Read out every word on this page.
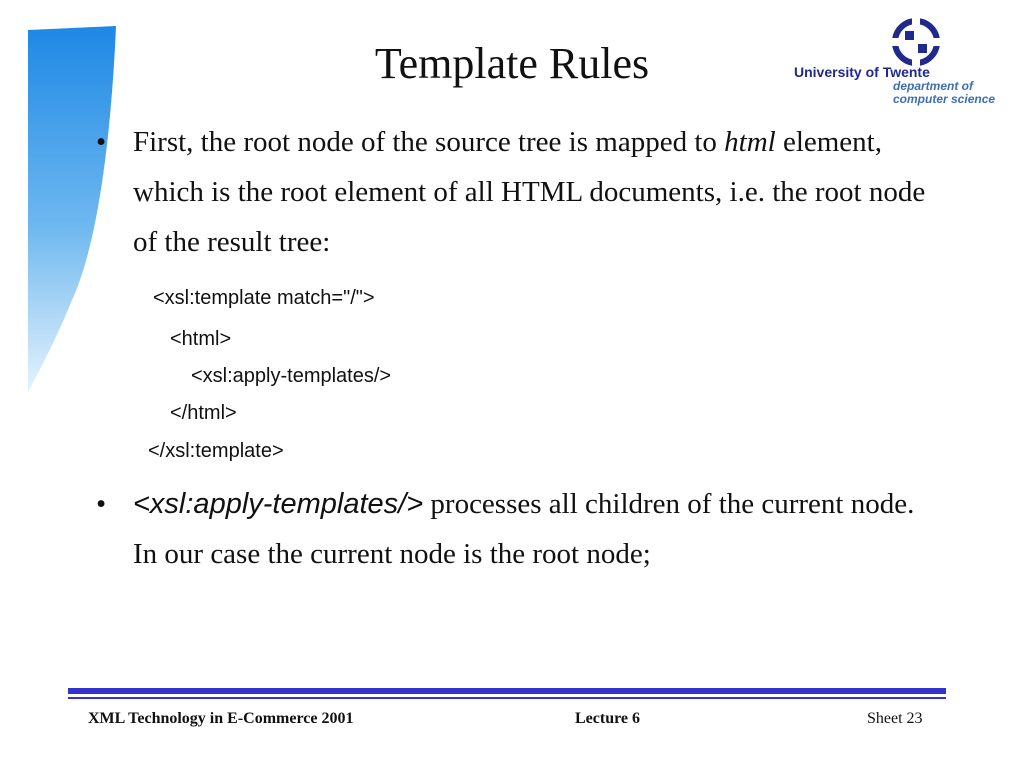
Template Rules	University of Twente
department of
computer science
• First, the root node of the source tree is mapped to html element, which is the root element of all HTML documents, i.e. the root node of the result tree:
<xsl:template match="/">
<html>
<xsl:apply-templates/>
</html>
</xsl:template>
• <xsl:apply-templates/> processes all children of the current node. In our case the current node is the root node;
XML Technology in E-Commerce 2001	Lecture 6	Sheet 23
